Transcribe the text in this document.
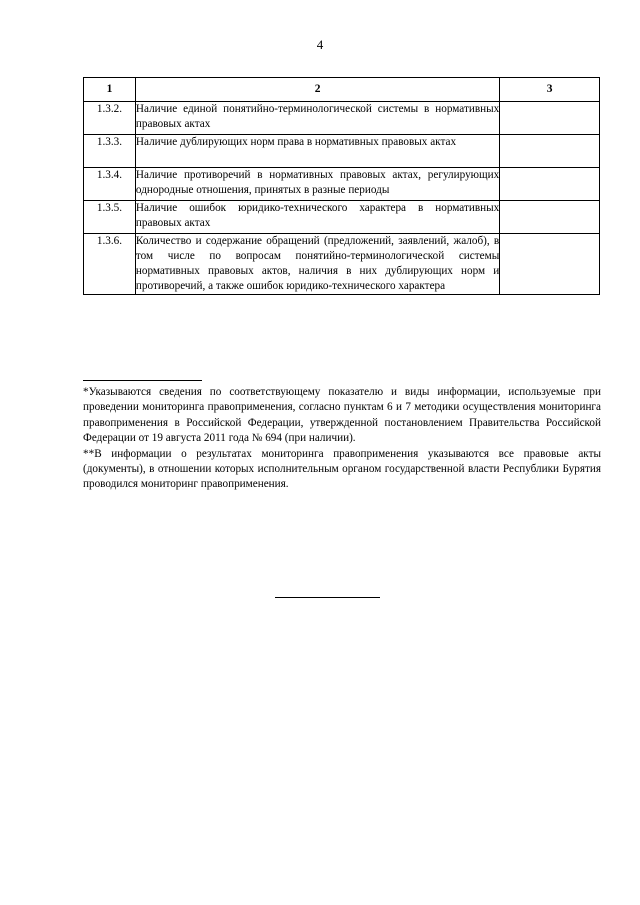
4
1	2	3
1.3.2.	Наличие единой понятийно-терминологической системы в нормативных правовых актах	
1.3.3.	Наличие дублирующих норм права в нормативных правовых актах	
1.3.4.	Наличие противоречий в нормативных правовых актах, регулирующих однородные отношения, принятых в разные периоды	
1.3.5.	Наличие ошибок юридико-технического характера в нормативных правовых актах	
1.3.6.	Количество и содержание обращений (предложений, заявлений, жалоб), в том числе по вопросам понятийно-терминологической системы нормативных правовых актов, наличия в них дублирующих норм и противоречий, а также ошибок юридико-технического характера	

*Указываются сведения по соответствующему показателю и виды информации, используемые при проведении мониторинга правоприменения, согласно пунктам 6 и 7 методики осуществления мониторинга правоприменения в Российской Федерации, утвержденной постановлением Правительства Российской Федерации от 19 августа 2011 года № 694 (при наличии).

**В информации о результатах мониторинга правоприменения указываются все правовые акты (документы), в отношении которых исполнительным органом государственной власти Республики Бурятия проводился мониторинг правоприменения.
